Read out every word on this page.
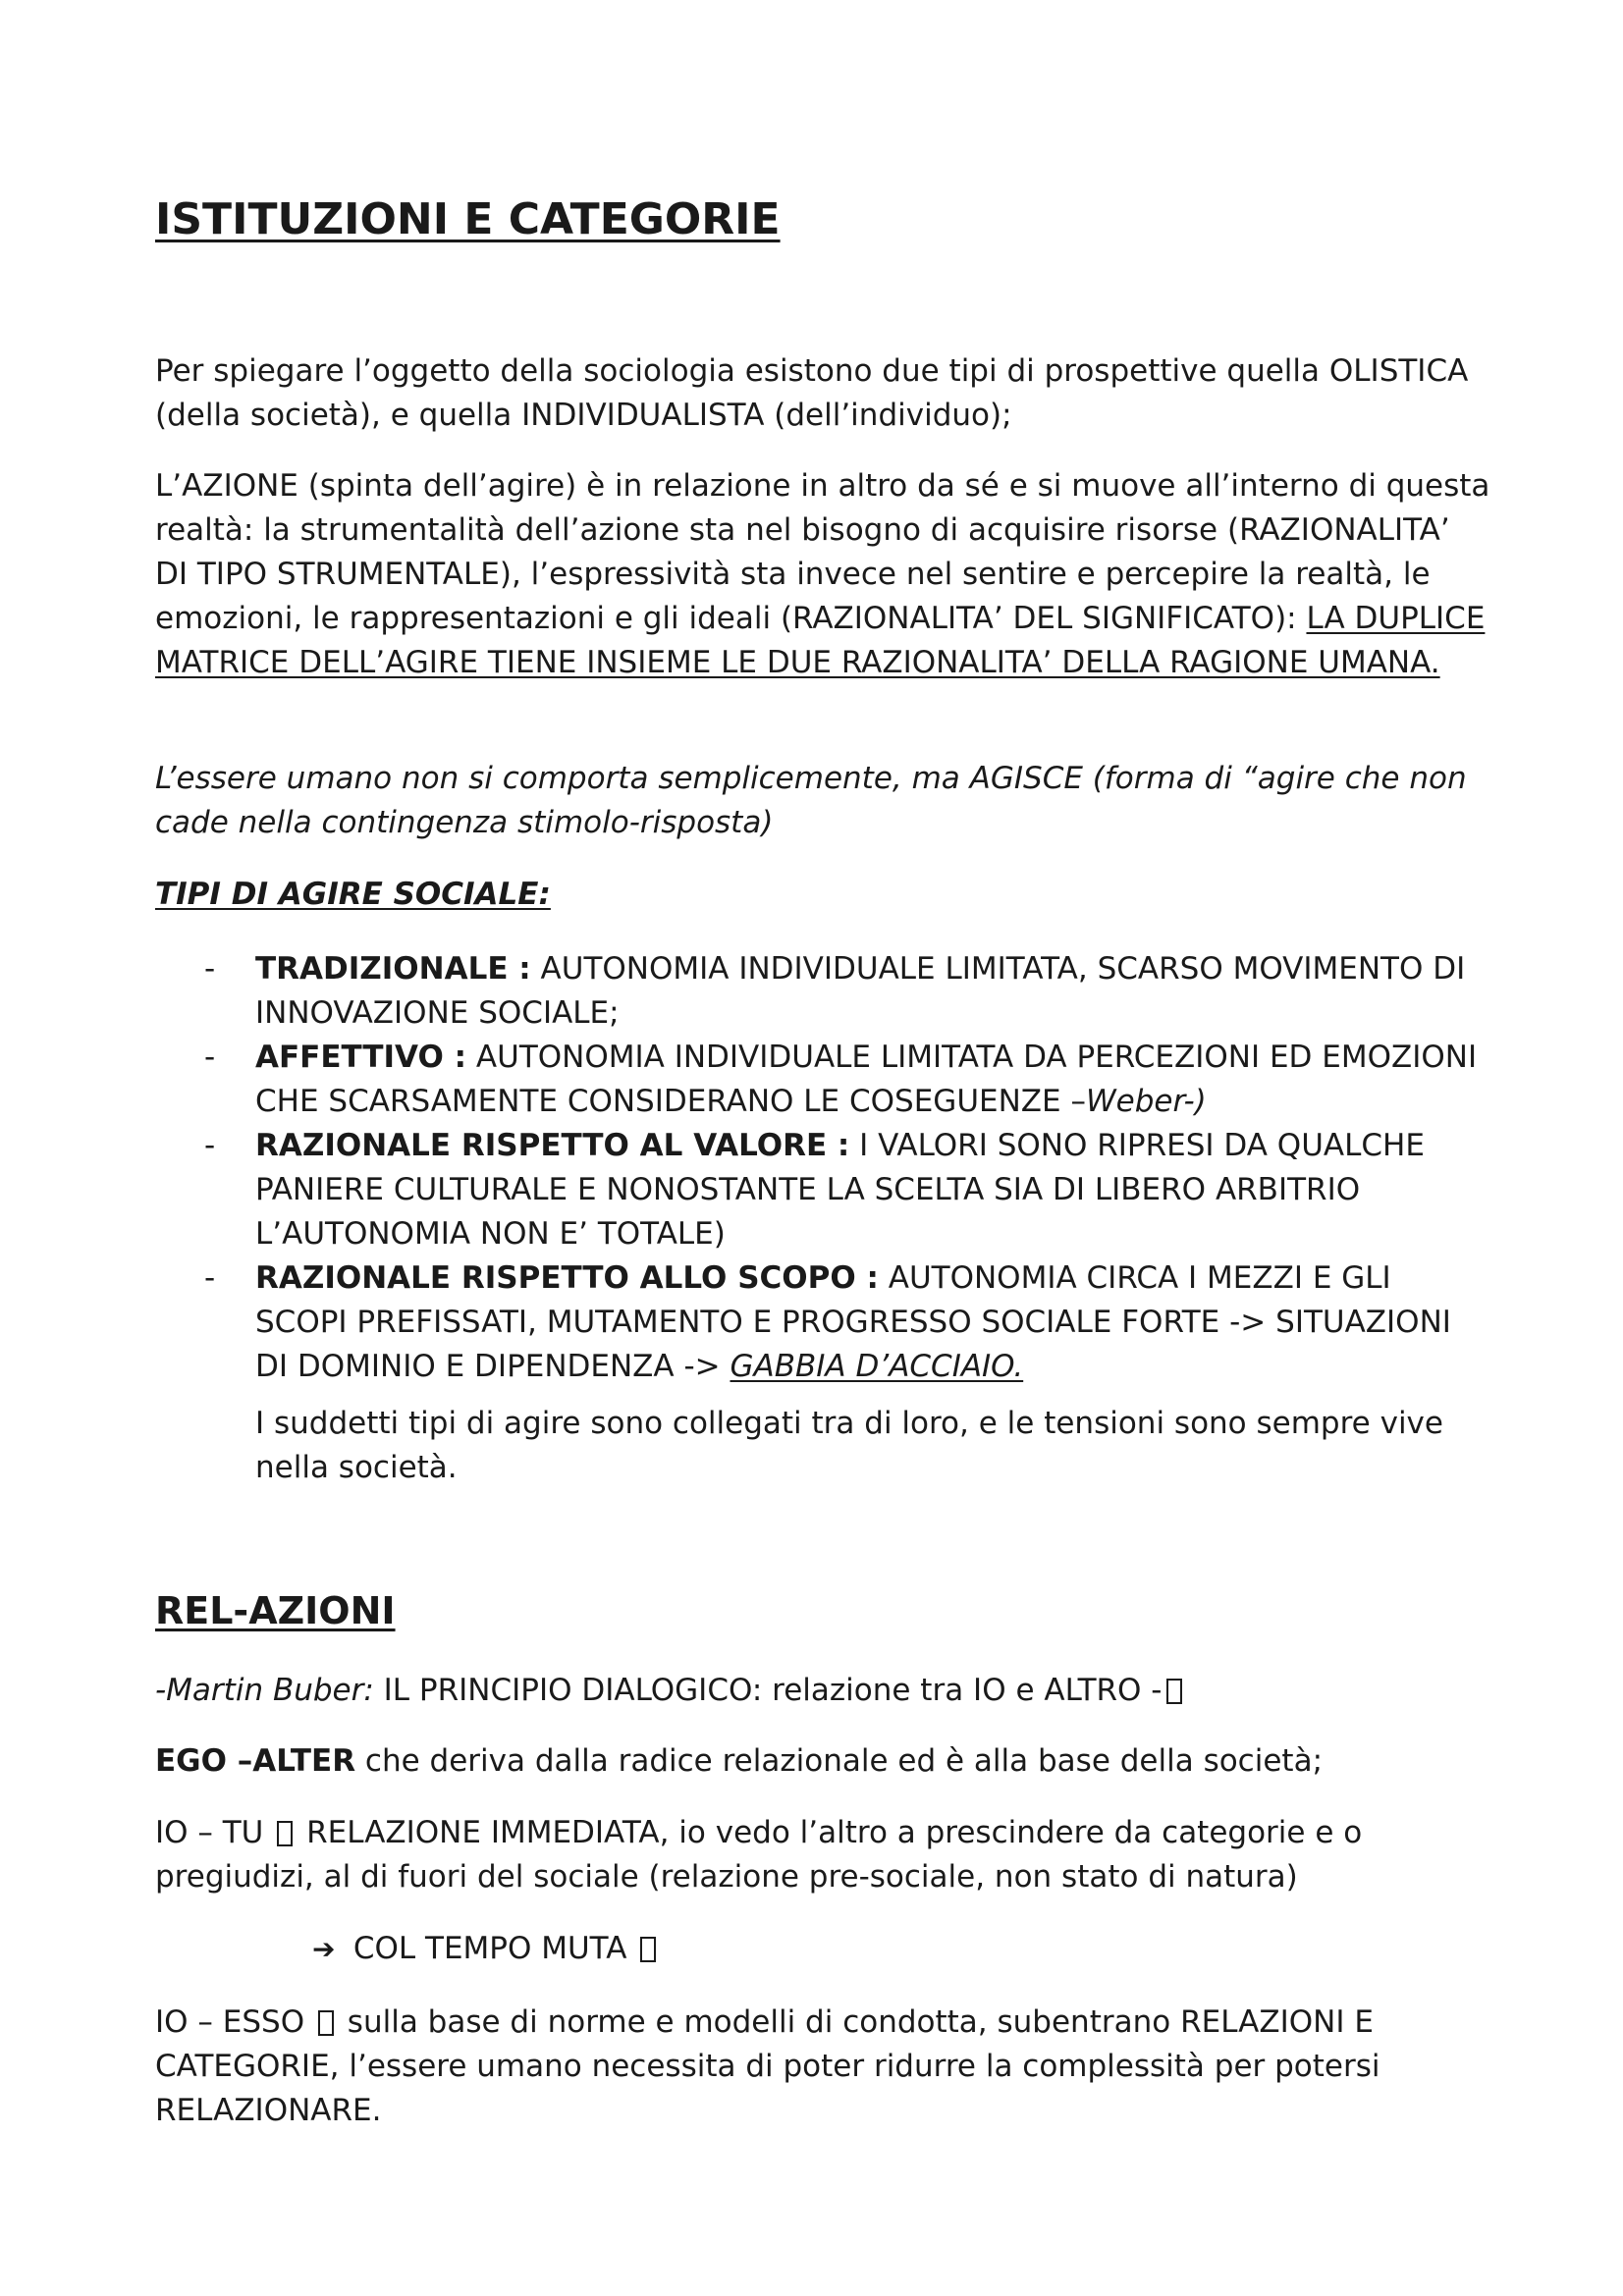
ISTITUZIONI E CATEGORIE
Per spiegare l’oggetto della sociologia esistono due tipi di prospettive quella OLISTICA (della società), e quella INDIVIDUALISTA (dell’individuo);
L’AZIONE (spinta dell’agire) è in relazione in altro da sé e si muove all’interno di questa realtà: la strumentalità dell’azione sta nel bisogno di acquisire risorse (RAZIONALITA’ DI TIPO STRUMENTALE), l’espressività sta invece nel sentire e percepire la realtà, le emozioni, le rappresentazioni e gli ideali (RAZIONALITA’ DEL SIGNIFICATO): LA DUPLICE MATRICE DELL’AGIRE TIENE INSIEME LE DUE RAZIONALITA’ DELLA RAGIONE UMANA.
L’essere umano non si comporta semplicemente, ma AGISCE (forma di “agire che non cade nella contingenza stimolo-risposta)
TIPI DI AGIRE SOCIALE:
- TRADIZIONALE : AUTONOMIA INDIVIDUALE LIMITATA, SCARSO MOVIMENTO DI INNOVAZIONE SOCIALE;
- AFFETTIVO : AUTONOMIA INDIVIDUALE LIMITATA DA PERCEZIONI ED EMOZIONI CHE SCARSAMENTE CONSIDERANO LE COSEGUENZE –Weber-)
- RAZIONALE RISPETTO AL VALORE : I VALORI SONO RIPRESI DA QUALCHE PANIERE CULTURALE E NONOSTANTE LA SCELTA SIA DI LIBERO ARBITRIO L’AUTONOMIA NON E’ TOTALE)
- RAZIONALE RISPETTO ALLO SCOPO : AUTONOMIA CIRCA I MEZZI E GLI SCOPI PREFISSATI, MUTAMENTO E PROGRESSO SOCIALE FORTE -> SITUAZIONI DI DOMINIO E DIPENDENZA -> GABBIA D’ACCIAIO.
I suddetti tipi di agire sono collegati tra di loro, e le tensioni sono sempre vive nella società.
REL-AZIONI
-Martin Buber: IL PRINCIPIO DIALOGICO: relazione tra IO e ALTRO -
EGO –ALTER che deriva dalla radice relazionale ed è alla base della società;
IO – TU  RELAZIONE IMMEDIATA, io vedo l’altro a prescindere da categorie e o pregiudizi, al di fuori del sociale (relazione pre-sociale, non stato di natura)
➔ COL TEMPO MUTA
IO – ESSO  sulla base di norme e modelli di condotta, subentrano RELAZIONI E CATEGORIE, l’essere umano necessita di poter ridurre la complessità per potersi RELAZIONARE.
